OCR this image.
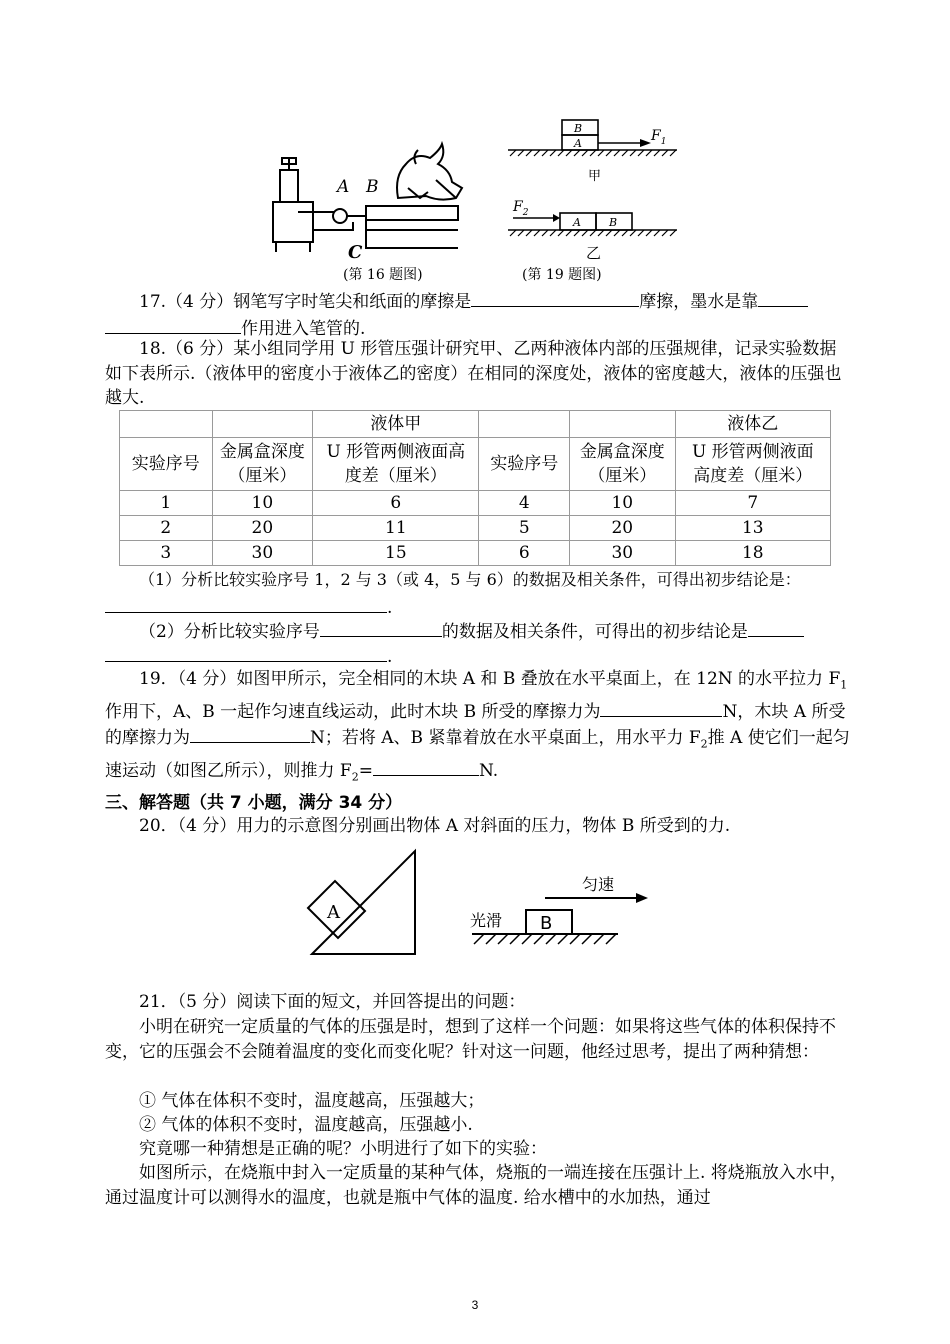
A B
C
B
A	$F_1$
甲
$F_2$
A	B
乙
(第 16 题图)	(第 19 题图)

17.（4 分）钢笔写字时笔尖和纸面的摩擦是	摩擦，墨水是靠
作用进入笔管的.

18.（6 分）某小组同学用 U 形管压强计研究甲、乙两种液体内部的压强规律，记录实验数据如下表所示.（液体甲的密度小于液体乙的密度）在相同的深度处，液体的密度越大，液体的压强也越大.

		液体甲			液体乙
实验序号	金属盒深度（厘米）	U 形管两侧液面高度差（厘米）	实验序号	金属盒深度（厘米）	U 形管两侧液面高度差（厘米）
1	10	6	4	10	7
2	20	11	5	20	13
3	30	15	6	30	18

（1）分析比较实验序号 1，2 与 3（或 4，5 与 6）的数据及相关条件，可得出初步结论是：

.

（2）分析比较实验序号	的数据及相关条件，可得出的初步结论是

.

19．（4 分）如图甲所示，完全相同的木块 A 和 B 叠放在水平桌面上，在 12N 的水平拉力 $F_1$作用下，A、B 一起作匀速直线运动，此时木块 B 所受的摩擦力为	N，木块 A 所受的摩擦力为	N；若将 A、B 紧靠着放在水平桌面上，用水平力 $F_2$推 A 使它们一起匀速运动（如图乙所示），则推力 $F_2=$	N.

三、解答题（共 7 小题，满分 34 分）

20．（4 分）用力的示意图分别画出物体 A 对斜面的压力，物体 B 所受到的力.

A
B
光滑
匀速

21．（5 分）阅读下面的短文，并回答提出的问题：

小明在研究一定质量的气体的压强是时，想到了这样一个问题：如果将这些气体的体积保持不变，它的压强会不会随着温度的变化而变化呢？针对这一问题，他经过思考，提出了两种猜想：

① 气体在体积不变时，温度越高，压强越大；

② 气体的体积不变时，温度越高，压强越小.

究竟哪一种猜想是正确的呢？小明进行了如下的实验：

如图所示，在烧瓶中封入一定质量的某种气体，烧瓶的一端连接在压强计上. 将烧瓶放入水中，通过温度计可以测得水的温度，也就是瓶中气体的温度. 给水槽中的水加热，通过

3
